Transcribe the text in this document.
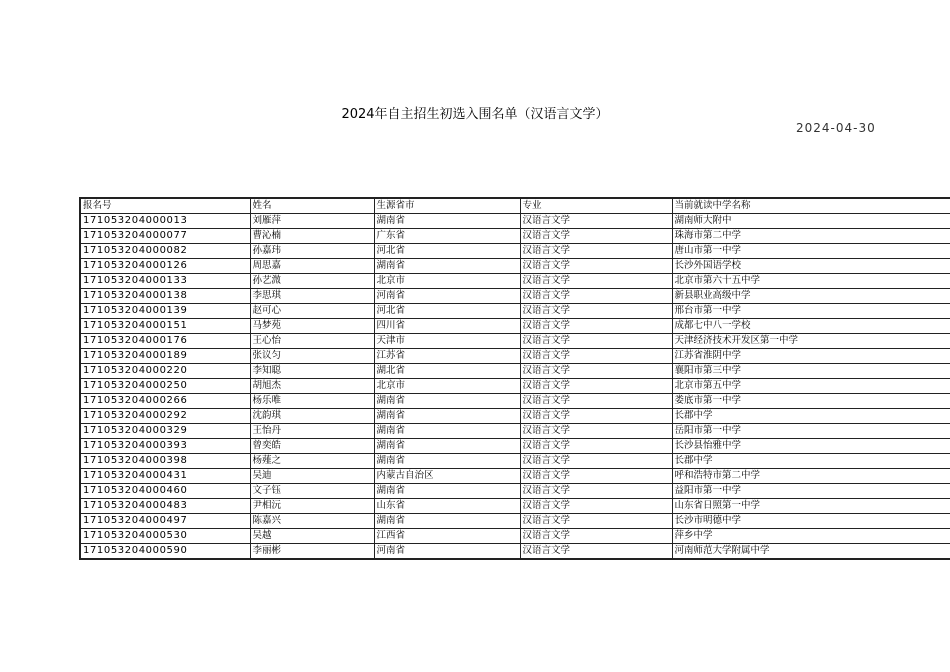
2024年自主招生初选入围名单（汉语言文学）
2024-04-30
报名号	姓名	生源省市	专业	当前就读中学名称
171053204000013	刘雁萍	湖南省	汉语言文学	湖南师大附中
171053204000077	曹沁楠	广东省	汉语言文学	珠海市第二中学
171053204000082	孙嘉玮	河北省	汉语言文学	唐山市第一中学
171053204000126	周思嘉	湖南省	汉语言文学	长沙外国语学校
171053204000133	孙艺溦	北京市	汉语言文学	北京市第六十五中学
171053204000138	李思琪	河南省	汉语言文学	新县职业高级中学
171053204000139	赵可心	河北省	汉语言文学	邢台市第一中学
171053204000151	马梦苑	四川省	汉语言文学	成都七中八一学校
171053204000176	王心怡	天津市	汉语言文学	天津经济技术开发区第一中学
171053204000189	张议匀	江苏省	汉语言文学	江苏省淮阴中学
171053204000220	李知聪	湖北省	汉语言文学	襄阳市第三中学
171053204000250	胡旭杰	北京市	汉语言文学	北京市第五中学
171053204000266	杨乐唯	湖南省	汉语言文学	娄底市第一中学
171053204000292	沈韵琪	湖南省	汉语言文学	长郡中学
171053204000329	王怡丹	湖南省	汉语言文学	岳阳市第一中学
171053204000393	曾奕皓	湖南省	汉语言文学	长沙县怡雅中学
171053204000398	杨薤之	湖南省	汉语言文学	长郡中学
171053204000431	吴迪	内蒙古自治区	汉语言文学	呼和浩特市第二中学
171053204000460	文子钰	湖南省	汉语言文学	益阳市第一中学
171053204000483	尹相沅	山东省	汉语言文学	山东省日照第一中学
171053204000497	陈嘉兴	湖南省	汉语言文学	长沙市明德中学
171053204000530	吴越	江西省	汉语言文学	萍乡中学
171053204000590	李丽彬	河南省	汉语言文学	河南师范大学附属中学
